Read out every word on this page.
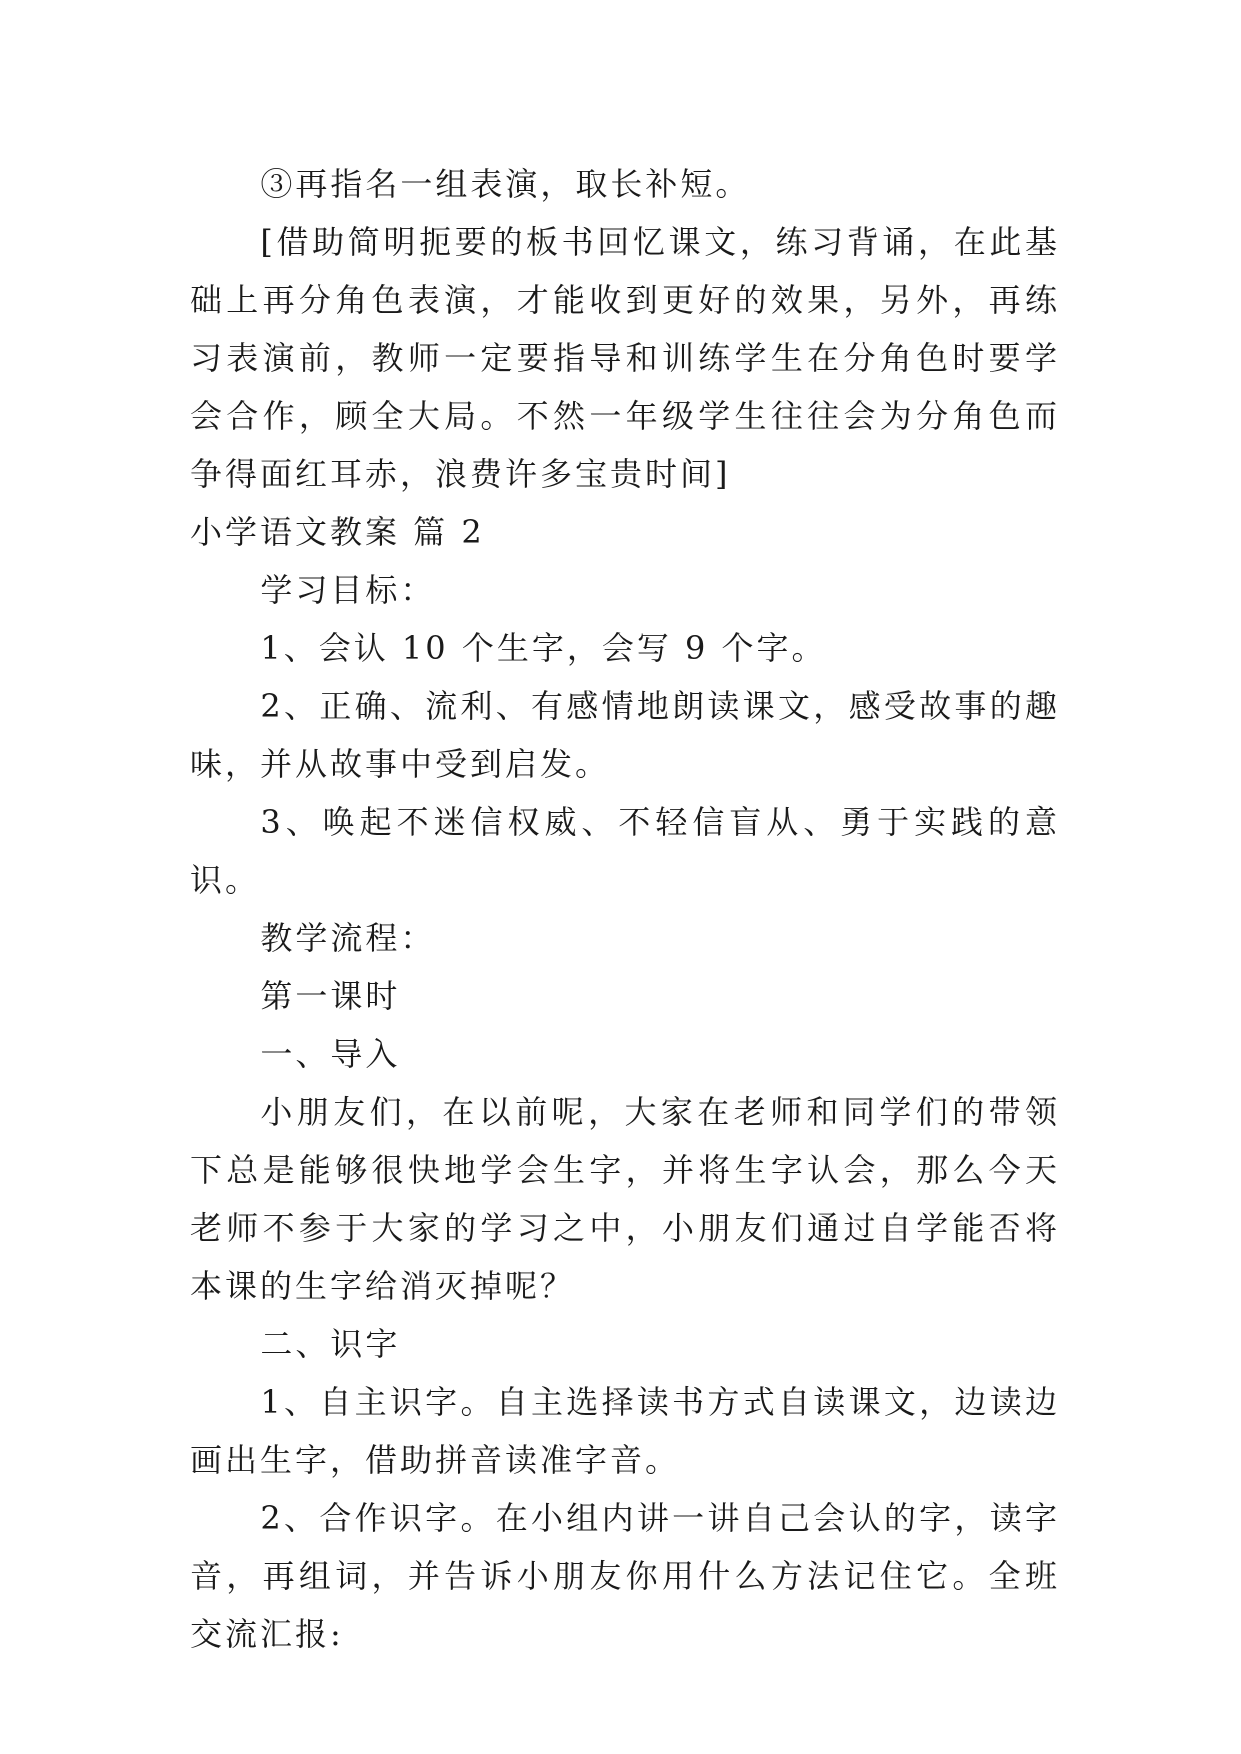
③再指名一组表演，取长补短。

[借助简明扼要的板书回忆课文，练习背诵，在此基础上再分角色表演，才能收到更好的效果，另外，再练习表演前，教师一定要指导和训练学生在分角色时要学会合作，顾全大局。不然一年级学生往往会为分角色而争得面红耳赤，浪费许多宝贵时间]

小学语文教案 篇 2

学习目标：

1、会认 10 个生字，会写 9 个字。

2、正确、流利、有感情地朗读课文，感受故事的趣味，并从故事中受到启发。

3、唤起不迷信权威、不轻信盲从、勇于实践的意识。

教学流程：

第一课时

一、导入

小朋友们，在以前呢，大家在老师和同学们的带领下总是能够很快地学会生字，并将生字认会，那么今天老师不参于大家的学习之中，小朋友们通过自学能否将本课的生字给消灭掉呢？

二、识字

1、自主识字。自主选择读书方式自读课文，边读边画出生字，借助拼音读准字音。

2、合作识字。在小组内讲一讲自己会认的字，读字音，再组词，并告诉小朋友你用什么方法记住它。全班交流汇报:
